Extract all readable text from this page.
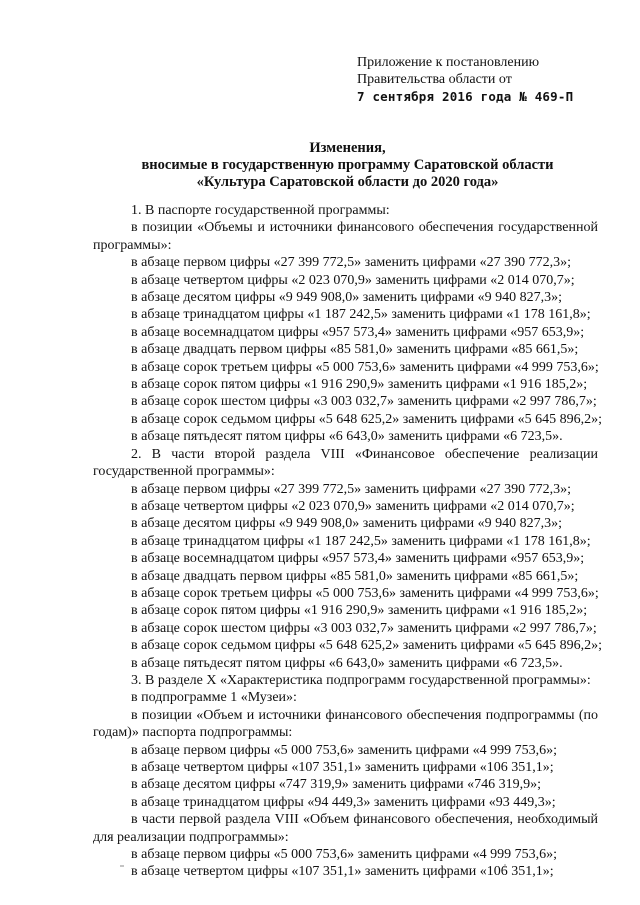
Приложение к постановлению
Правительства области от
7 сентября 2016 года № 469-П
Изменения,
вносимые в государственную программу Саратовской области
«Культура Саратовской области до 2020 года»
1. В паспорте государственной программы:
в позиции «Объемы и источники финансового обеспечения государственной программы»:
в абзаце первом цифры «27 399 772,5» заменить цифрами «27 390 772,3»;
в абзаце четвертом цифры «2 023 070,9» заменить цифрами «2 014 070,7»;
в абзаце десятом цифры «9 949 908,0» заменить цифрами «9 940 827,3»;
в абзаце тринадцатом цифры «1 187 242,5» заменить цифрами «1 178 161,8»;
в абзаце восемнадцатом цифры «957 573,4» заменить цифрами «957 653,9»;
в абзаце двадцать первом цифры «85 581,0» заменить цифрами «85 661,5»;
в абзаце сорок третьем цифры «5 000 753,6» заменить цифрами «4 999 753,6»;
в абзаце сорок пятом цифры «1 916 290,9» заменить цифрами «1 916 185,2»;
в абзаце сорок шестом цифры «3 003 032,7» заменить цифрами «2 997 786,7»;
в абзаце сорок седьмом цифры «5 648 625,2» заменить цифрами «5 645 896,2»;
в абзаце пятьдесят пятом цифры «6 643,0» заменить цифрами «6 723,5».
2. В части второй раздела VIII «Финансовое обеспечение реализации государственной программы»:
в абзаце первом цифры «27 399 772,5» заменить цифрами «27 390 772,3»;
в абзаце четвертом цифры «2 023 070,9» заменить цифрами «2 014 070,7»;
в абзаце десятом цифры «9 949 908,0» заменить цифрами «9 940 827,3»;
в абзаце тринадцатом цифры «1 187 242,5» заменить цифрами «1 178 161,8»;
в абзаце восемнадцатом цифры «957 573,4» заменить цифрами «957 653,9»;
в абзаце двадцать первом цифры «85 581,0» заменить цифрами «85 661,5»;
в абзаце сорок третьем цифры «5 000 753,6» заменить цифрами «4 999 753,6»;
в абзаце сорок пятом цифры «1 916 290,9» заменить цифрами «1 916 185,2»;
в абзаце сорок шестом цифры «3 003 032,7» заменить цифрами «2 997 786,7»;
в абзаце сорок седьмом цифры «5 648 625,2» заменить цифрами «5 645 896,2»;
в абзаце пятьдесят пятом цифры «6 643,0» заменить цифрами «6 723,5».
3. В разделе X «Характеристика подпрограмм государственной программы»:
в подпрограмме 1 «Музеи»:
в позиции «Объем и источники финансового обеспечения подпрограммы (по годам)» паспорта подпрограммы:
в абзаце первом цифры «5 000 753,6» заменить цифрами «4 999 753,6»;
в абзаце четвертом цифры «107 351,1» заменить цифрами «106 351,1»;
в абзаце десятом цифры «747 319,9» заменить цифрами «746 319,9»;
в абзаце тринадцатом цифры «94 449,3» заменить цифрами «93 449,3»;
в части первой раздела VIII «Объем финансового обеспечения, необходимый для реализации подпрограммы»:
в абзаце первом цифры «5 000 753,6» заменить цифрами «4 999 753,6»;
в абзаце четвертом цифры «107 351,1» заменить цифрами «106 351,1»;
